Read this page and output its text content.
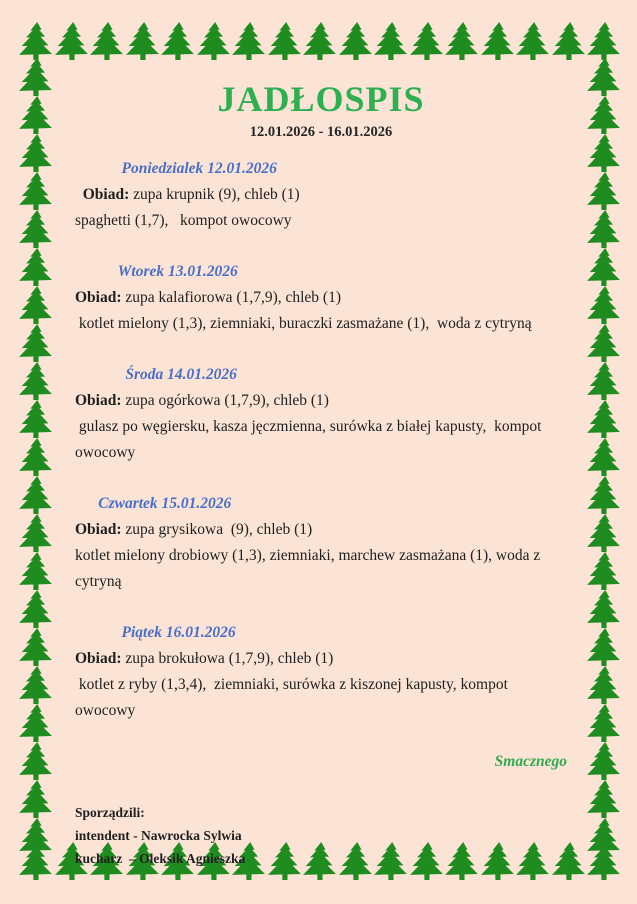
JADŁOSPIS
12.01.2026 - 16.01.2026
Poniedzialek 12.01.2026

Obiad: zupa krupnik (9), chleb (1)

spaghetti (1,7),   kompot owocowy

Wtorek 13.01.2026

Obiad: zupa kalafiorowa (1,7,9), chleb (1)

kotlet mielony (1,3), ziemniaki, buraczki zasmażane (1),  woda z cytryną

Środa 14.01.2026

Obiad: zupa ogórkowa (1,7,9), chleb (1)

gulasz po węgiersku, kasza jęczmienna, surówka z białej kapusty,  kompot owocowy

Czwartek 15.01.2026

Obiad: zupa grysikowa  (9), chleb (1)

kotlet mielony drobiowy (1,3), ziemniaki, marchew zasmażana (1), woda z cytryną

Piątek 16.01.2026

Obiad: zupa brokułowa (1,7,9), chleb (1)

kotlet z ryby (1,3,4),  ziemniaki, surówka z kiszonej kapusty, kompot owocowy

Smacznego

Sporządzili:

intendent - Nawrocka Sylwia

kucharz  – Oleksik Agnieszka
